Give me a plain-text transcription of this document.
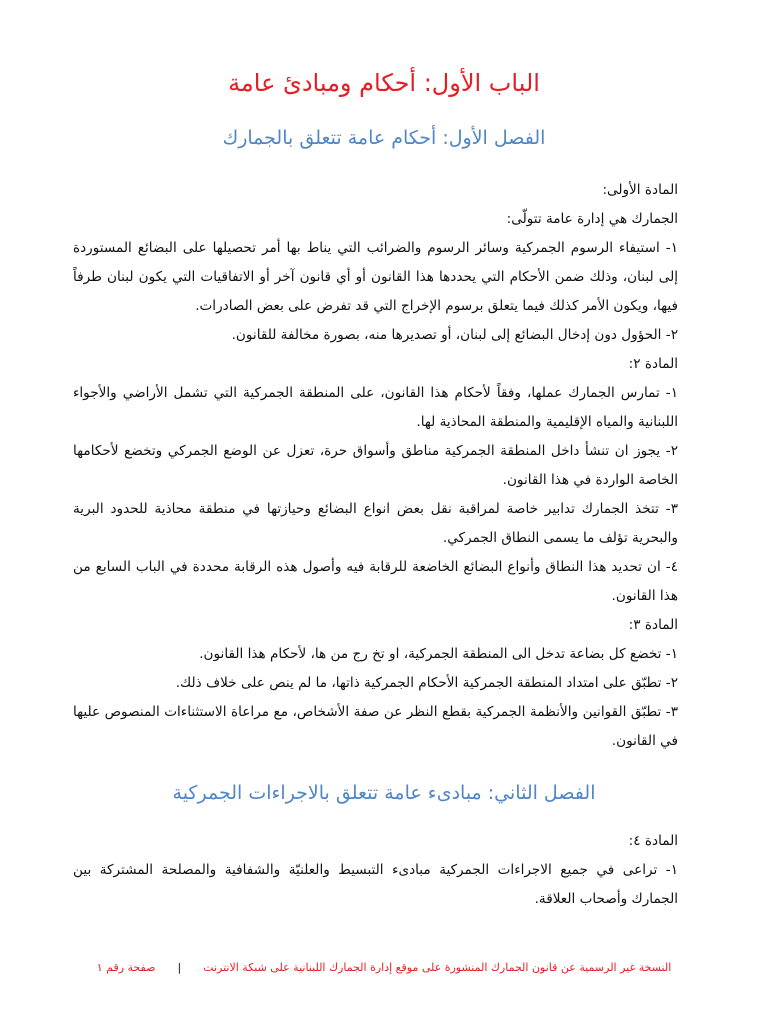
الباب الأول: أحكام ومبادئ عامة
الفصل الأول: أحكام عامة تتعلق بالجمارك

المادة الأولى:

الجمارك هي إدارة عامة تتولّى:

١- استيفاء الرسوم الجمركية وسائر الرسوم والضرائب التي يناط بها أمر تحصيلها على البضائع المستوردة إلى لبنان، وذلك ضمن الأحكام التي يحددها هذا القانون أو أي قانون آخر أو الاتفاقيات التي يكون لبنان طرفاً فيها، ويكون الأمر كذلك فيما يتعلق برسوم الإخراج التي قد تفرض على بعض الصادرات.

٢- الحؤول دون إدخال البضائع إلى لبنان، أو تصديرها منه، بصورة مخالفة للقانون.

المادة ٢:

١- تمارس الجمارك عملها، وفقاً لأحكام هذا القانون، على المنطقة الجمركية التي تشمل الأراضي والأجواء اللبنانية والمياه الإقليمية والمنطقة المحاذية لها.

٢- يجوز ان تنشأ داخل المنطقة الجمركية مناطق وأسواق حرة، تعزل عن الوضع الجمركي وتخضع لأحكامها الخاصة الواردة في هذا القانون.

٣- تتخذ الجمارك تدابير خاصة لمراقبة نقل بعض انواع البضائع وحيازتها في منطقة محاذية للحدود البرية والبحرية تؤلف ما يسمى النطاق الجمركي.

٤- ان تحديد هذا النطاق وأنواع البضائع الخاضعة للرقابة فيه وأصول هذه الرقابة محددة في الباب السابع من هذا القانون.

المادة ٣:

١- تخضع كل بضاعة تدخل الى المنطقة الجمركية، او تخ رج من ها، لأحكام هذا القانون.

٢- تطبّق على امتداد المنطقة الجمركية الأحكام الجمركية ذاتها، ما لم ينص على خلاف ذلك.

٣- تطبّق القوانين والأنظمة الجمركية بقطع النظر عن صفة الأشخاص، مع مراعاة الاستثناءات المنصوص عليها في القانون.

الفصل الثاني: مبادىء عامة تتعلق بالاجراءات الجمركية

المادة ٤:

١- تراعى في جميع الاجراءات الجمركية مبادىء التبسيط والعلنيّة والشفافية والمصلحة المشتركة بين الجمارك وأصحاب العلاقة.

النسخة غير الرسمية عن قانون الجمارك المنشورة على موقع إدارة الجمارك اللبنانية على شبكة الانترنت|صفحة رقم ١
